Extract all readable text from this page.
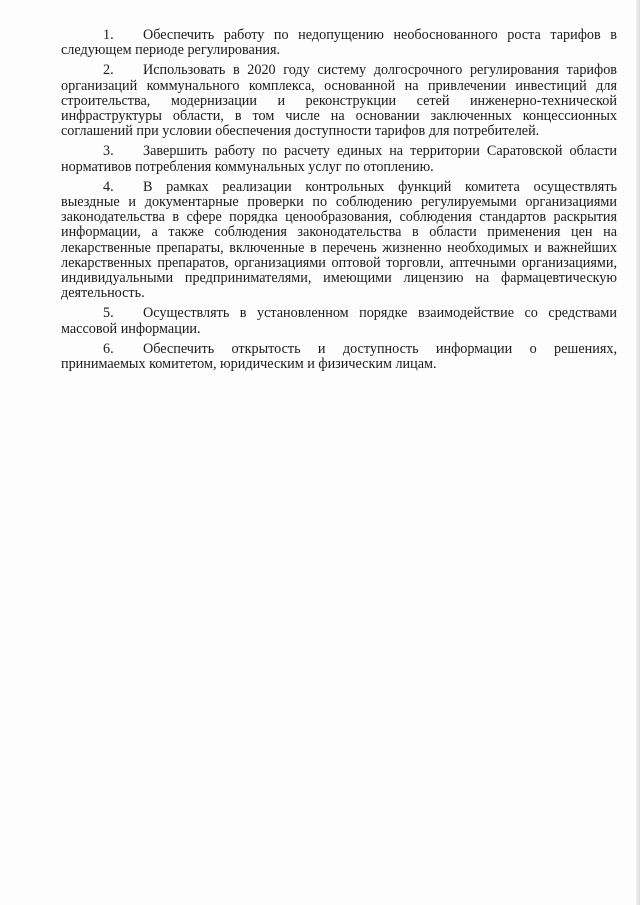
1. Обеспечить работу по недопущению необоснованного роста тарифов в следующем периоде регулирования.

2. Использовать в 2020 году систему долгосрочного регулирования тарифов организаций коммунального комплекса, основанной на привлечении инвестиций для строительства, модернизации и реконструкции сетей инженерно-технической инфраструктуры области, в том числе на основании заключенных концессионных соглашений при условии обеспечения доступности тарифов для потребителей.

3. Завершить работу по расчету единых на территории Саратовской области нормативов потребления коммунальных услуг по отоплению.

4. В рамках реализации контрольных функций комитета осуществлять выездные и документарные проверки по соблюдению регулируемыми организациями законодательства в сфере порядка ценообразования, соблюдения стандартов раскрытия информации, а также соблюдения законодательства в области применения цен на лекарственные препараты, включенные в перечень жизненно необходимых и важнейших лекарственных препаратов, организациями оптовой торговли, аптечными организациями, индивидуальными предпринимателями, имеющими лицензию на фармацевтическую деятельность.

5. Осуществлять в установленном порядке взаимодействие со средствами массовой информации.

6. Обеспечить открытость и доступность информации о решениях, принимаемых комитетом, юридическим и физическим лицам.
